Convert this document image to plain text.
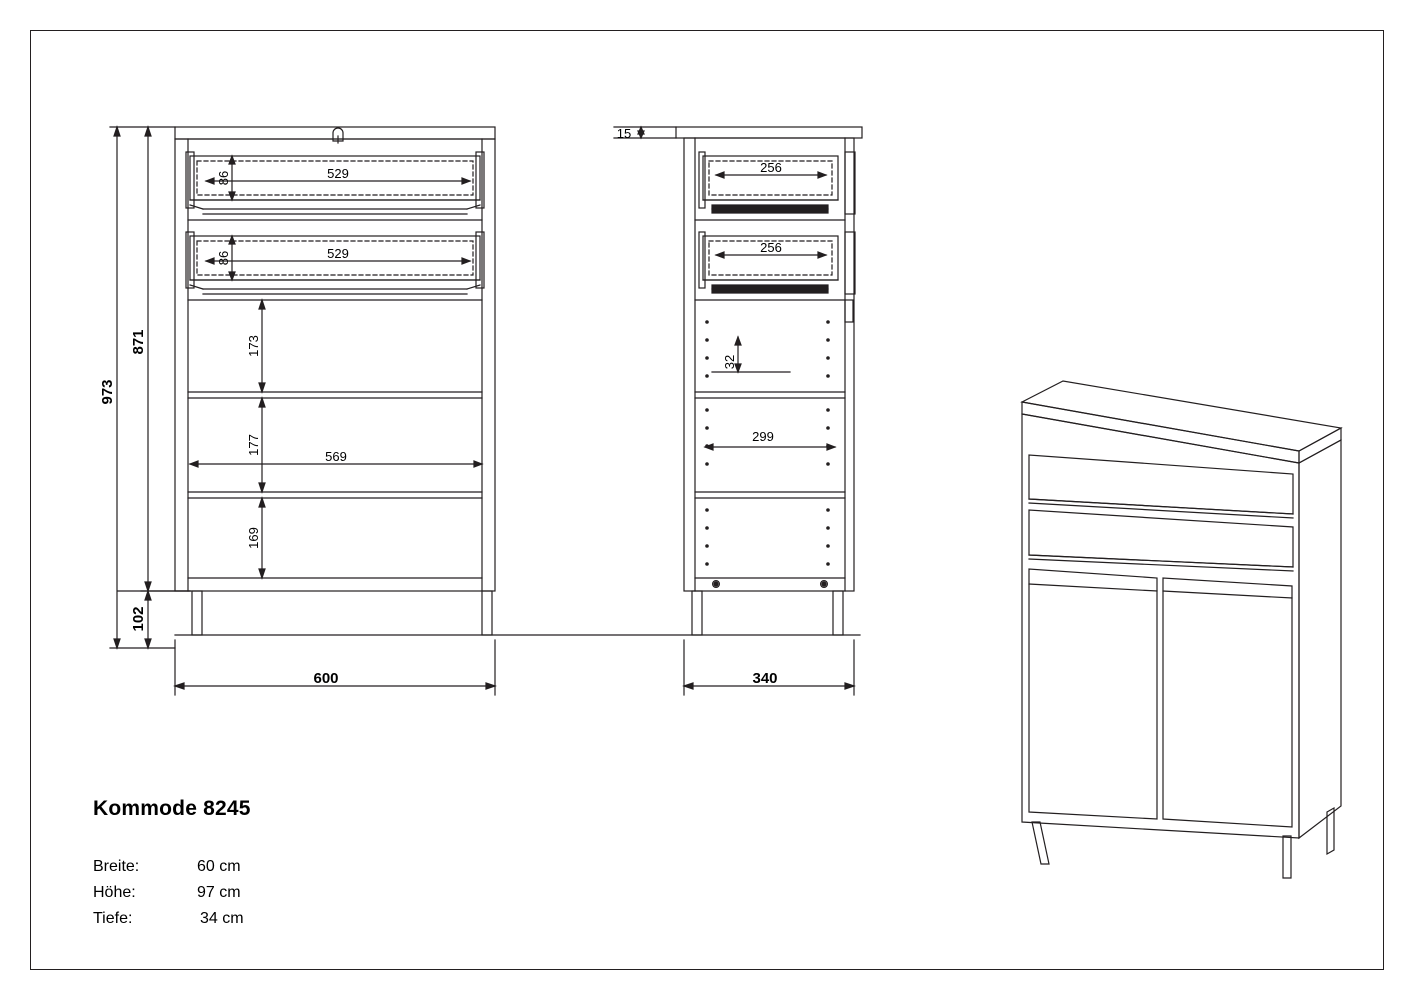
973
871
102
600
86	529
86	529
173
177
169
569
15
256
256
32
299
340
Kommode 8245
Breite:	60 cm
Höhe:	97 cm
Tiefe:	34 cm
